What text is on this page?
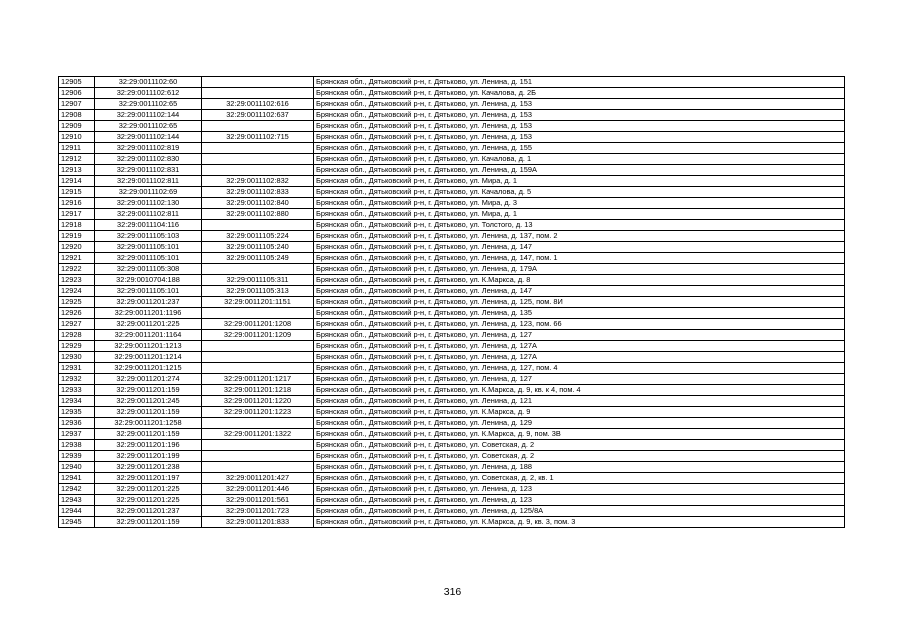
12905	32:29:0011102:60		Брянская обл., Дятьковский р-н, г. Дятьково, ул. Ленина, д. 151
12906	32:29:0011102:612		Брянская обл., Дятьковский р-н, г. Дятьково, ул. Качалова, д. 2Б
12907	32:29:0011102:65	32:29:0011102:616	Брянская обл., Дятьковский р-н, г. Дятьково, ул. Ленина, д. 153
12908	32:29:0011102:144	32:29:0011102:637	Брянская обл., Дятьковский р-н, г. Дятьково, ул. Ленина, д. 153
12909	32:29:0011102:65		Брянская обл., Дятьковский р-н, г. Дятьково, ул. Ленина, д. 153
12910	32:29:0011102:144	32:29:0011102:715	Брянская обл., Дятьковский р-н, г. Дятьково, ул. Ленина, д. 153
12911	32:29:0011102:819		Брянская обл., Дятьковский р-н, г. Дятьково, ул. Ленина, д. 155
12912	32:29:0011102:830		Брянская обл., Дятьковский р-н, г. Дятьково, ул. Качалова, д. 1
12913	32:29:0011102:831		Брянская обл., Дятьковский р-н, г. Дятьково, ул. Ленина, д. 159А
12914	32:29:0011102:811	32:29:0011102:832	Брянская обл., Дятьковский р-н, г. Дятьково, ул. Мира, д. 1
12915	32:29:0011102:69	32:29:0011102:833	Брянская обл., Дятьковский р-н, г. Дятьково, ул. Качалова, д. 5
12916	32:29:0011102:130	32:29:0011102:840	Брянская обл., Дятьковский р-н, г. Дятьково, ул. Мира, д. 3
12917	32:29:0011102:811	32:29:0011102:880	Брянская обл., Дятьковский р-н, г. Дятьково, ул. Мира, д. 1
12918	32:29:0011104:116		Брянская обл., Дятьковский р-н, г. Дятьково, ул. Толстого, д. 13
12919	32:29:0011105:103	32:29:0011105:224	Брянская обл., Дятьковский р-н, г. Дятьково, ул. Ленина, д. 137, пом. 2
12920	32:29:0011105:101	32:29:0011105:240	Брянская обл., Дятьковский р-н, г. Дятьково, ул. Ленина, д. 147
12921	32:29:0011105:101	32:29:0011105:249	Брянская обл., Дятьковский р-н, г. Дятьково, ул. Ленина, д. 147, пом. 1
12922	32:29:0011105:308		Брянская обл., Дятьковский р-н, г. Дятьково, ул. Ленина, д. 179А
12923	32:29:0010704:188	32:29:0011105:311	Брянская обл., Дятьковский р-н, г. Дятьково, ул. К.Маркса, д. 8
12924	32:29:0011105:101	32:29:0011105:313	Брянская обл., Дятьковский р-н, г. Дятьково, ул. Ленина, д. 147
12925	32:29:0011201:237	32:29:0011201:1151	Брянская обл., Дятьковский р-н, г. Дятьково, ул. Ленина, д. 125, пом. 8И
12926	32:29:0011201:1196		Брянская обл., Дятьковский р-н, г. Дятьково, ул. Ленина, д. 135
12927	32:29:0011201:225	32:29:0011201:1208	Брянская обл., Дятьковский р-н, г. Дятьково, ул. Ленина, д. 123, пом. 66
12928	32:29:0011201:1164	32:29:0011201:1209	Брянская обл., Дятьковский р-н, г. Дятьково, ул. Ленина, д. 127
12929	32:29:0011201:1213		Брянская обл., Дятьковский р-н, г. Дятьково, ул. Ленина, д. 127А
12930	32:29:0011201:1214		Брянская обл., Дятьковский р-н, г. Дятьково, ул. Ленина, д. 127А
12931	32:29:0011201:1215		Брянская обл., Дятьковский р-н, г. Дятьково, ул. Ленина, д. 127, пом. 4
12932	32:29:0011201:274	32:29:0011201:1217	Брянская обл., Дятьковский р-н, г. Дятьково, ул. Ленина, д. 127
12933	32:29:0011201:159	32:29:0011201:1218	Брянская обл., Дятьковский р-н, г. Дятьково, ул. К.Маркса, д. 9, кв. к 4, пом. 4
12934	32:29:0011201:245	32:29:0011201:1220	Брянская обл., Дятьковский р-н, г. Дятьково, ул. Ленина, д. 121
12935	32:29:0011201:159	32:29:0011201:1223	Брянская обл., Дятьковский р-н, г. Дятьково, ул. К.Маркса, д. 9
12936	32:29:0011201:1258		Брянская обл., Дятьковский р-н, г. Дятьково, ул. Ленина, д. 129
12937	32:29:0011201:159	32:29:0011201:1322	Брянская обл., Дятьковский р-н, г. Дятьково, ул. К.Маркса, д. 9, пом. 3В
12938	32:29:0011201:196		Брянская обл., Дятьковский р-н, г. Дятьково, ул. Советская, д. 2
12939	32:29:0011201:199		Брянская обл., Дятьковский р-н, г. Дятьково, ул. Советская, д. 2
12940	32:29:0011201:238		Брянская обл., Дятьковский р-н, г. Дятьково, ул. Ленина, д. 188
12941	32:29:0011201:197	32:29:0011201:427	Брянская обл., Дятьковский р-н, г. Дятьково, ул. Советская, д. 2, кв. 1
12942	32:29:0011201:225	32:29:0011201:446	Брянская обл., Дятьковский р-н, г. Дятьково, ул. Ленина, д. 123
12943	32:29:0011201:225	32:29:0011201:561	Брянская обл., Дятьковский р-н, г. Дятьково, ул. Ленина, д. 123
12944	32:29:0011201:237	32:29:0011201:723	Брянская обл., Дятьковский р-н, г. Дятьково, ул. Ленина, д. 125/8А
12945	32:29:0011201:159	32:29:0011201:833	Брянская обл., Дятьковский р-н, г. Дятьково, ул. К.Маркса, д. 9, кв. 3, пом. 3
316
